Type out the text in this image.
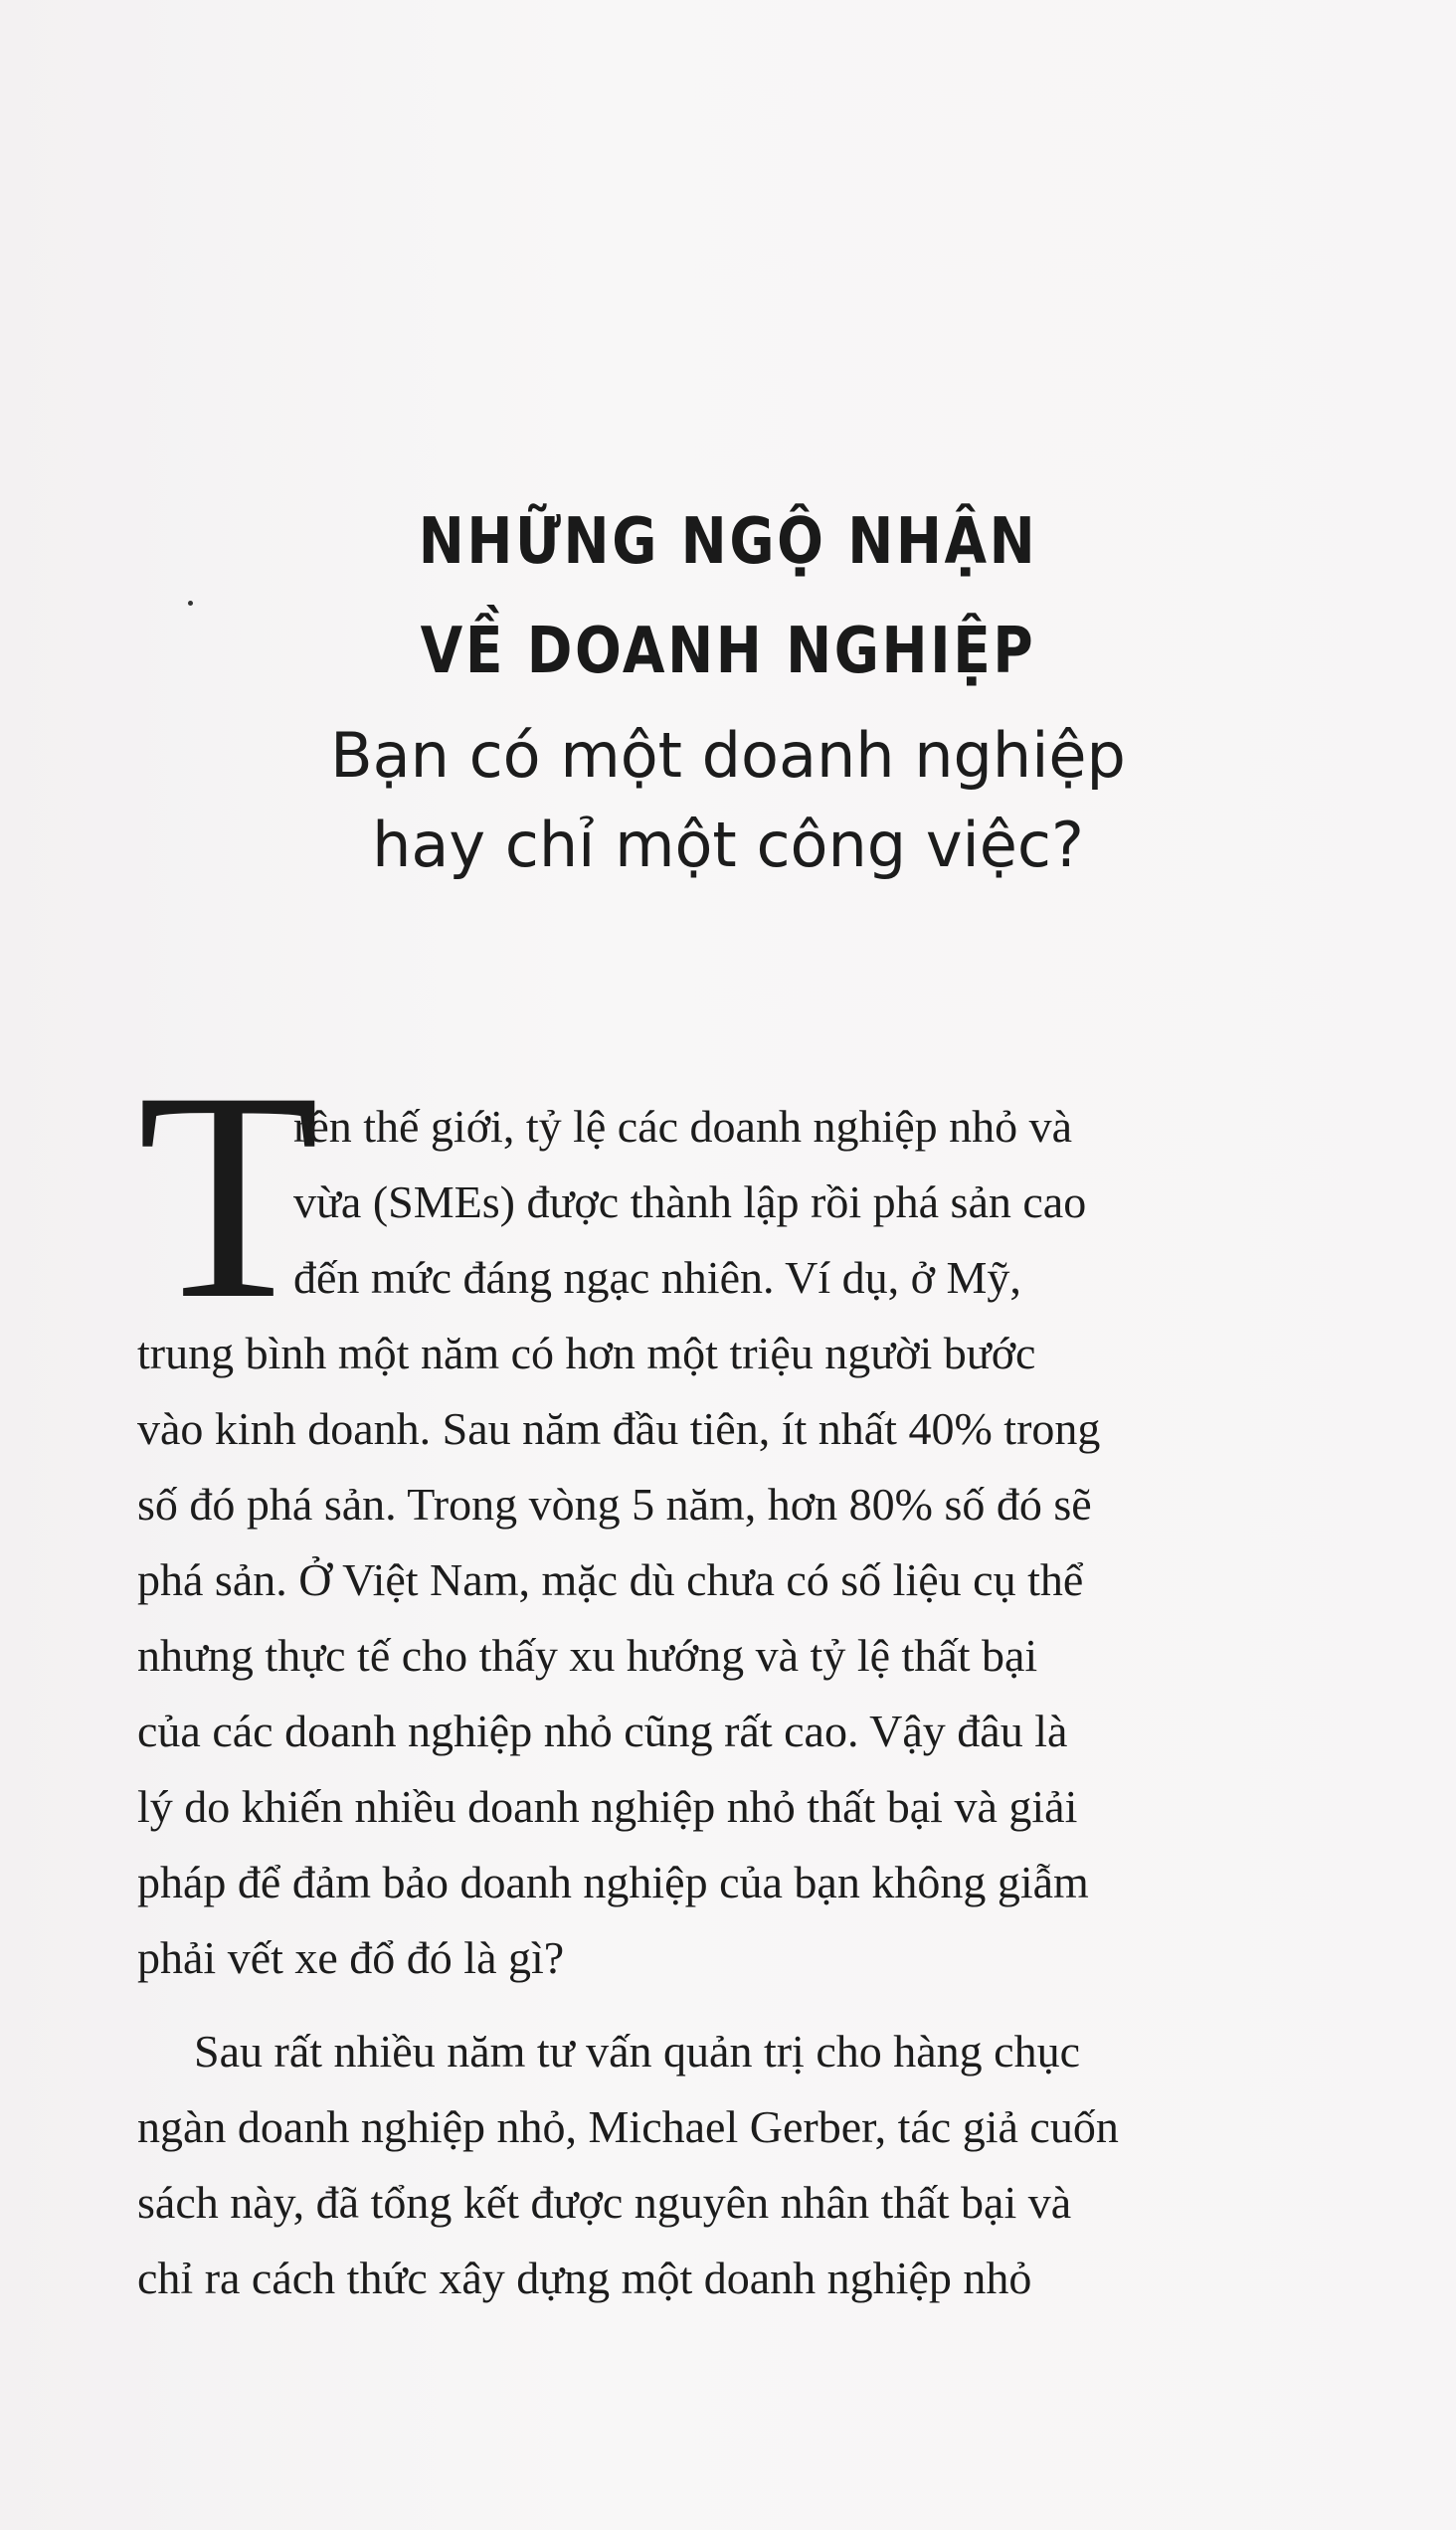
NHỮNG NGỘ NHẬN
VỀ DOANH NGHIỆP
Bạn có một doanh nghiệp
hay chỉ một công việc?
T
rên thế giới, tỷ lệ các doanh nghiệp nhỏ và
vừa (SMEs) được thành lập rồi phá sản cao
đến mức đáng ngạc nhiên. Ví dụ, ở Mỹ,
trung bình một năm có hơn một triệu người bước
vào kinh doanh. Sau năm đầu tiên, ít nhất 40% trong
số đó phá sản. Trong vòng 5 năm, hơn 80% số đó sẽ
phá sản. Ở Việt Nam, mặc dù chưa có số liệu cụ thể
nhưng thực tế cho thấy xu hướng và tỷ lệ thất bại
của các doanh nghiệp nhỏ cũng rất cao. Vậy đâu là
lý do khiến nhiều doanh nghiệp nhỏ thất bại và giải
pháp để đảm bảo doanh nghiệp của bạn không giẫm
phải vết xe đổ đó là gì?
Sau rất nhiều năm tư vấn quản trị cho hàng chục
ngàn doanh nghiệp nhỏ, Michael Gerber, tác giả cuốn
sách này, đã tổng kết được nguyên nhân thất bại và
chỉ ra cách thức xây dựng một doanh nghiệp nhỏ
